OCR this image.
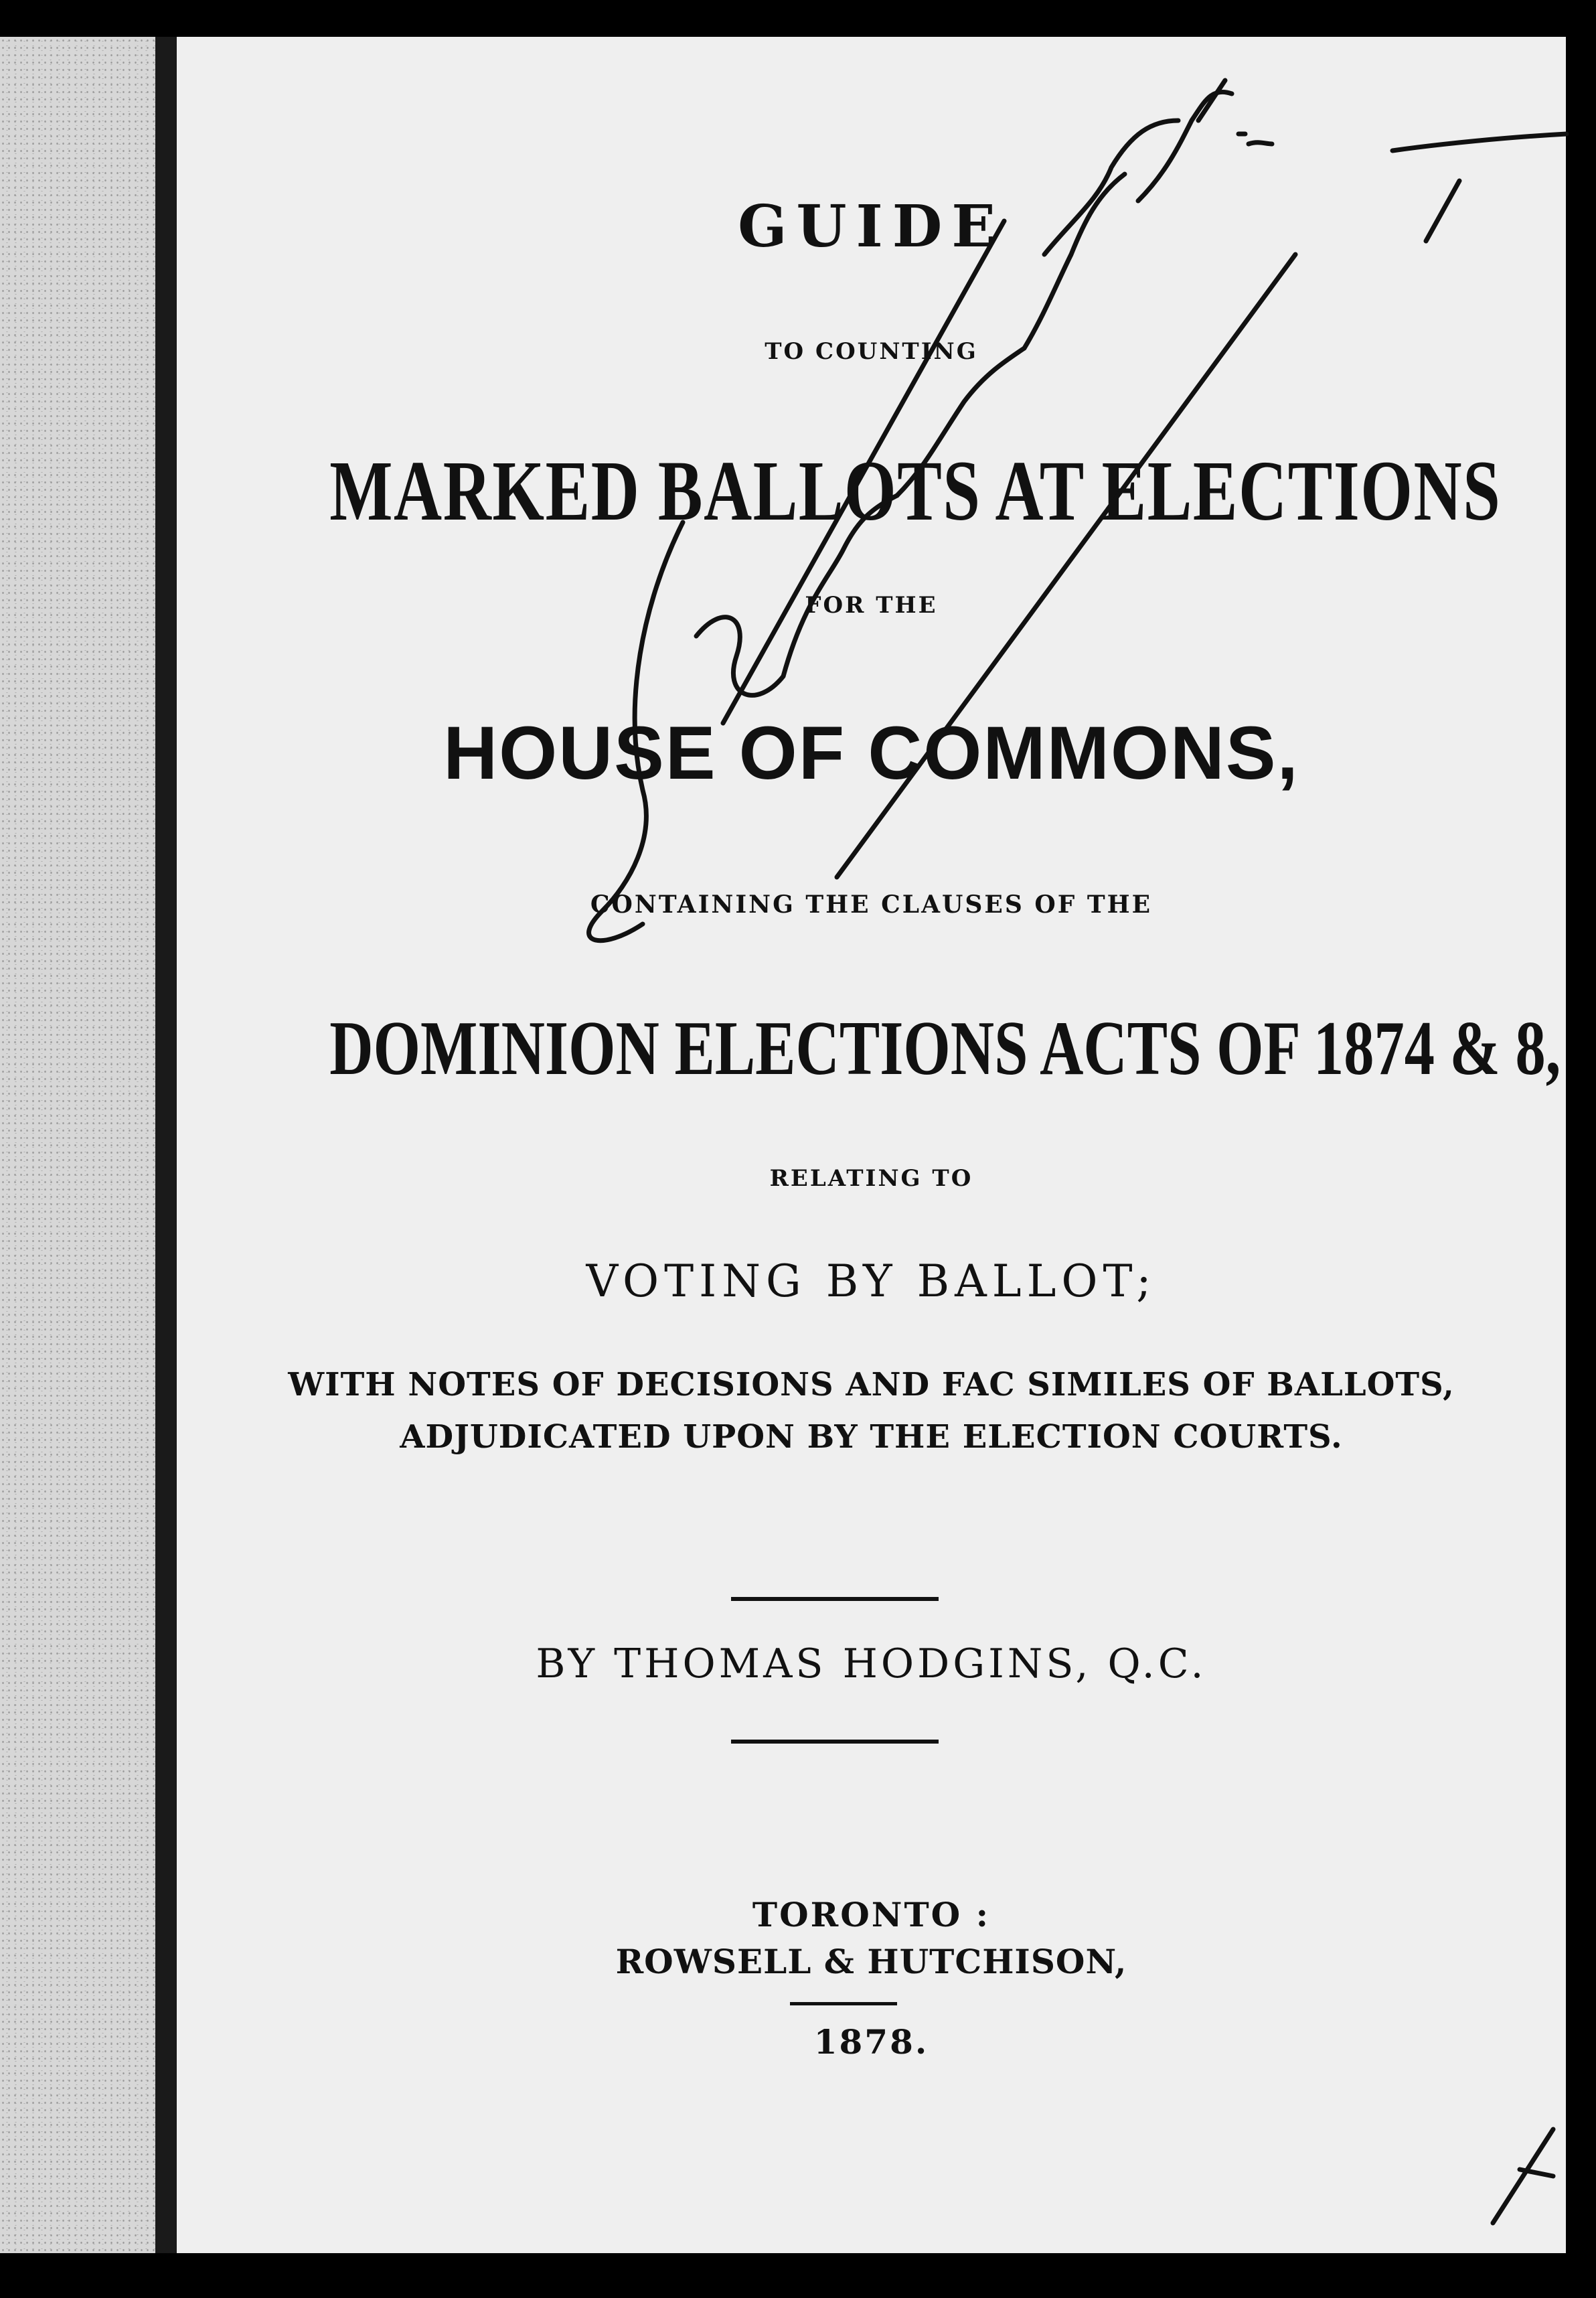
GUIDE
TO COUNTING
MARKED BALLOTS AT ELECTIONS
FOR THE
HOUSE OF COMMONS,
CONTAINING THE CLAUSES OF THE
DOMINION ELECTIONS ACTS OF 1874 & 8,
RELATING TO
VOTING BY BALLOT;
WITH NOTES OF DECISIONS AND FAC SIMILES OF BALLOTS,
ADJUDICATED UPON BY THE ELECTION COURTS.
BY THOMAS HODGINS, Q.C.
TORONTO :
ROWSELL & HUTCHISON,
1878.
